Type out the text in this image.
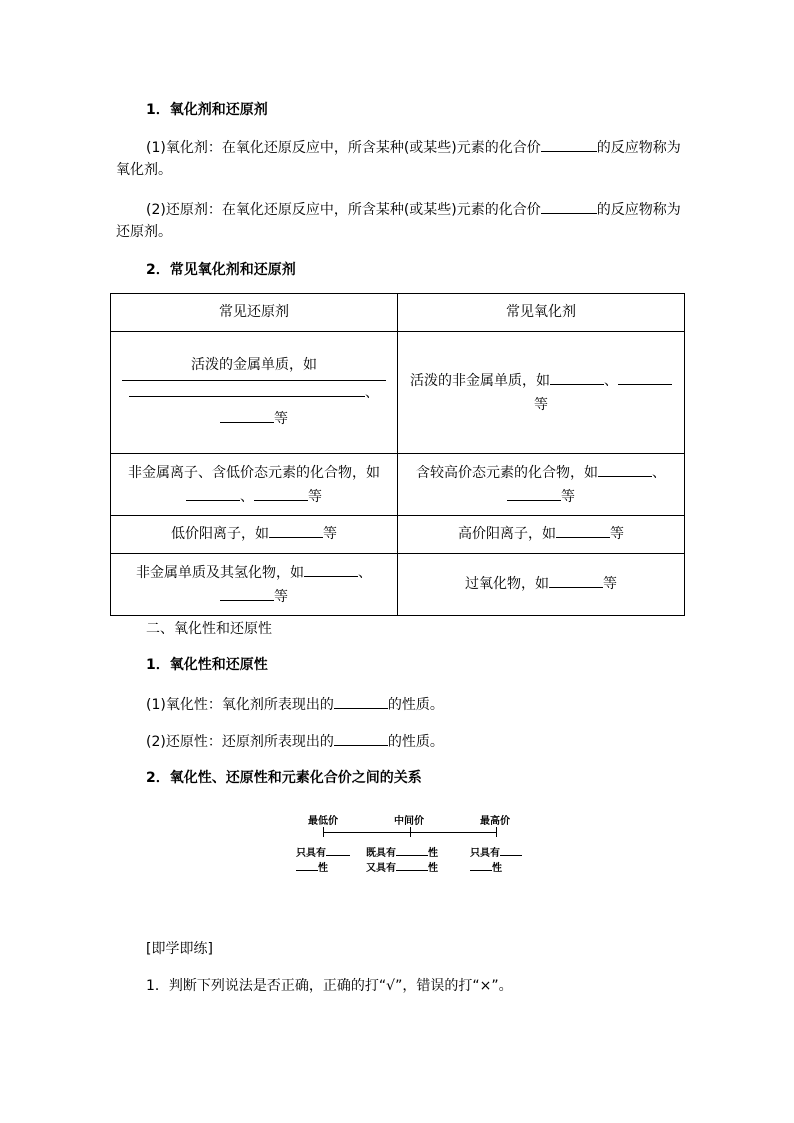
1．氧化剂和还原剂
(1)氧化剂：在氧化还原反应中，所含某种(或某些)元素的化合价	的反应物称为
氧化剂。
(2)还原剂：在氧化还原反应中，所含某种(或某些)元素的化合价	的反应物称为
还原剂。
2．常见氧化剂和还原剂
常见还原剂	常见氧化剂

活泼的金属单质，如
、
等	活泼的非金属单质，如 、
等

非金属离子、含低价态元素的化合物，如
、 等	含较高价态元素的化合物，如 、
等

低价阳离子，如 等	高价阳离子，如 等

非金属单质及其氢化物，如 、
等	过氧化物，如 等
二、氧化性和还原性
1．氧化性和还原性
(1)氧化性：氧化剂所表现出的	的性质。
(2)还原性：还原剂所表现出的	的性质。
2．氧化性、还原性和元素化合价之间的关系
最低价	中间价	最高价
只具有
性
既具有	性
又具有	性
只具有
性
[即学即练]
1．判断下列说法是否正确，正确的打“√”，错误的打“×”。
